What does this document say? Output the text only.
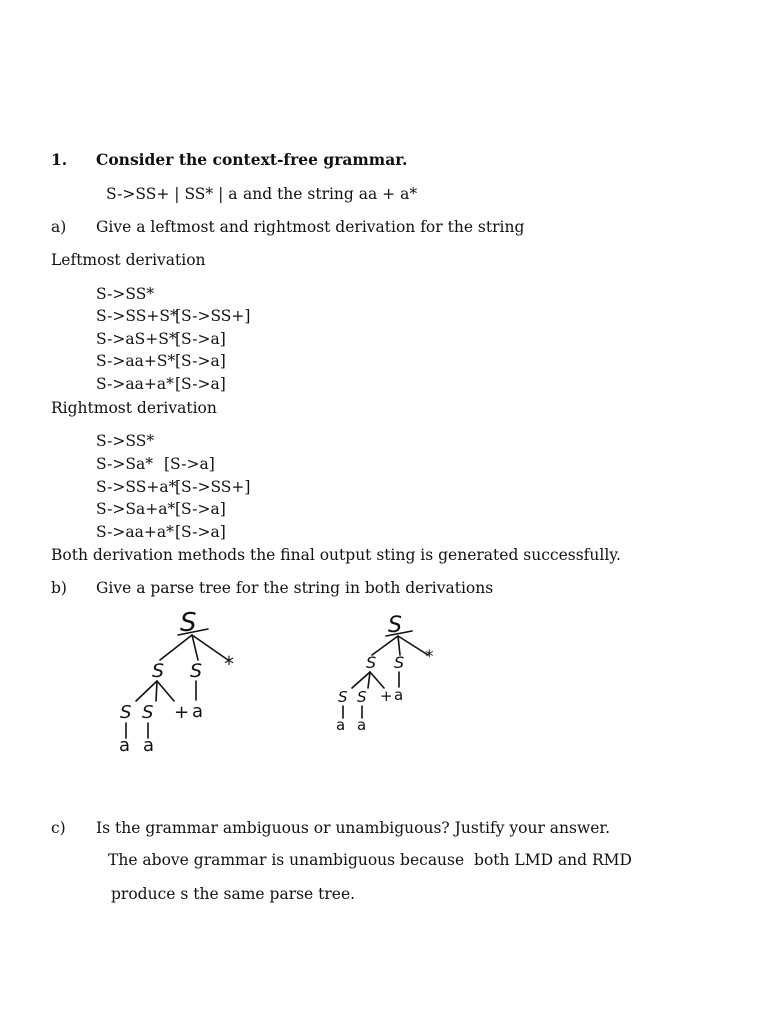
1. Consider the context-free grammar.
S->SS+ | SS* | a and the string aa + a*
a) Give a leftmost and rightmost derivation for the string
Leftmost derivation
S->SS*
S->SS+S*
[S->SS+]
S->aS+S*
[S->a]
S->aa+S* [S->a]
S->aa+a* [S->a]
Rightmost derivation
S->SS*
S->Sa* [S->a]
S->SS+a*
[S->SS+]
S->Sa+a* [S->a]
S->aa+a* [S->a]
Both derivation methods the final output sting is generated successfully.
b) Give a parse tree for the string in both derivations
S
S S *
S S + a
a a
S
S S *
S S + a
a a
c) Is the grammar ambiguous or unambiguous? Justify your answer.
The above grammar is unambiguous because  both LMD and RMD
produce s the same parse tree.
